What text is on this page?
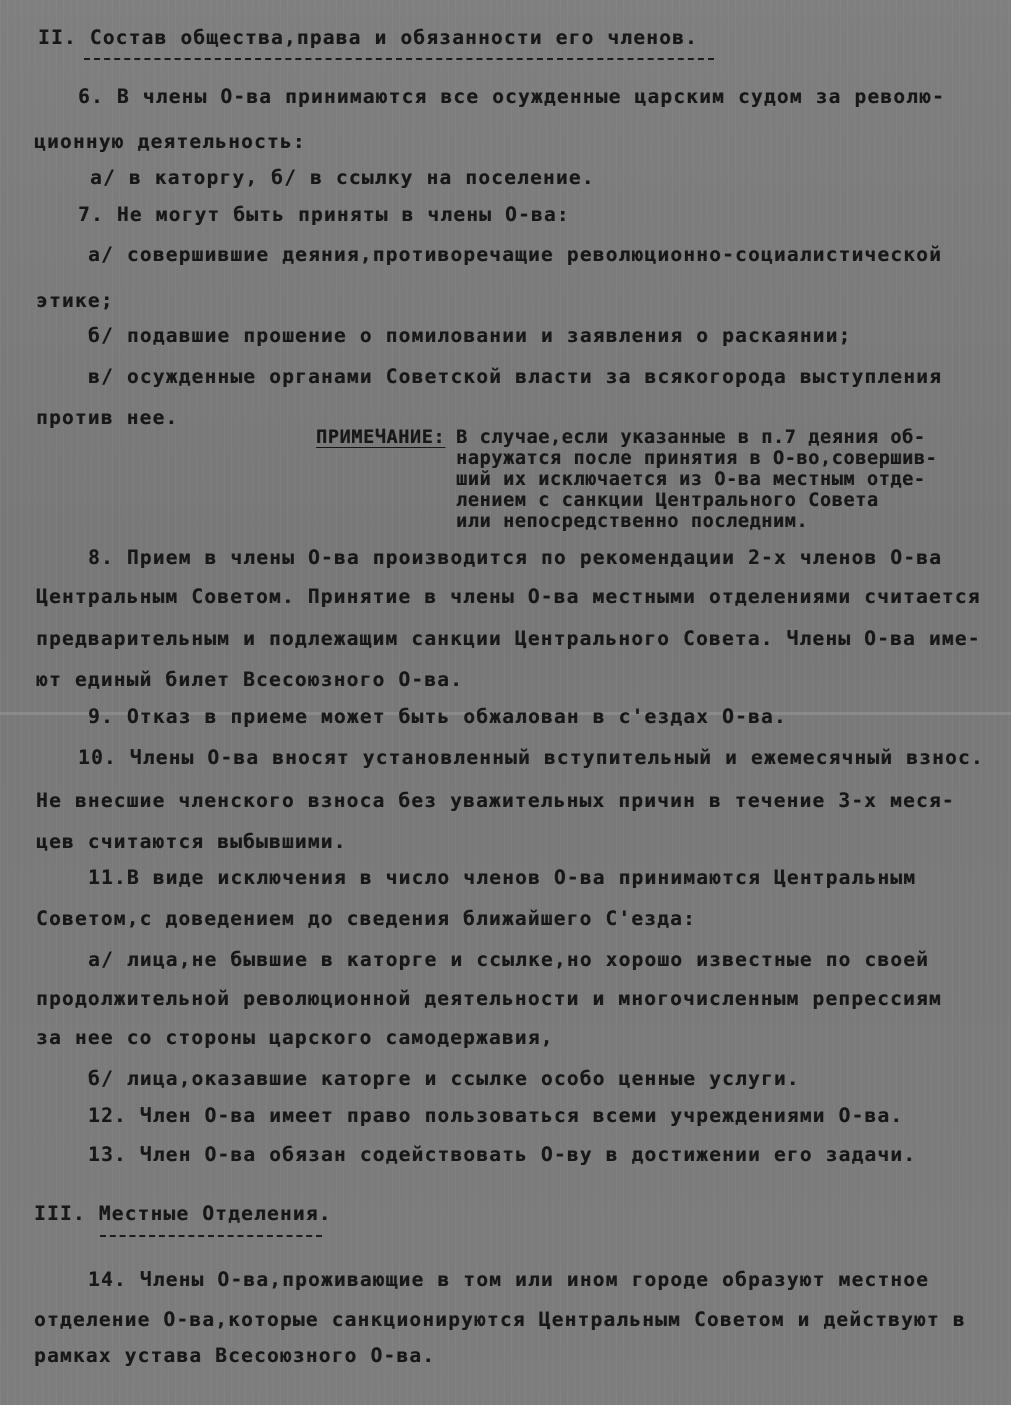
II. Состав общества,права и обязанности его членов.
6. В члены О-ва принимаются все осужденные царским судом за револю-
ционную деятельность:
а/ в каторгу, б/ в ссылку на поселение.
7. Не могут быть приняты в члены О-ва:
а/ совершившие деяния,противоречащие революционно-социалистической
этике;
б/ подавшие прошение о помиловании и заявления о раскаянии;
в/ осужденные органами Советской власти за всякогорода выступления
против нее.
ПРИМЕЧАНИЕ: В случае,если указанные в п.7 деяния об-
наружатся после принятия в О-во,совершив-
ший их исключается из О-ва местным отде-
лением с санкции Центрального Совета
или непосредственно последним.
8. Прием в члены О-ва производится по рекомендации 2-х членов О-ва
Центральным Советом. Принятие в члены О-ва местными отделениями считается
предварительным и подлежащим санкции Центрального Совета. Члены О-ва име-
ют единый билет Всесоюзного О-ва.
9. Отказ в приеме может быть обжалован в с'ездах О-ва.
10. Члены О-ва вносят установленный вступительный и ежемесячный взнос.
Не внесшие членского взноса без уважительных причин в течение 3-х меся-
цев считаются выбывшими.
11.В виде исключения в число членов О-ва принимаются Центральным
Советом,с доведением до сведения ближайшего С'езда:
а/ лица,не бывшие в каторге и ссылке,но хорошо известные по своей
продолжительной революционной деятельности и многочисленным репрессиям
за нее со стороны царского самодержавия,
б/ лица,оказавшие каторге и ссылке особо ценные услуги.
12. Член О-ва имеет право пользоваться всеми учреждениями О-ва.
13. Член О-ва обязан содействовать О-ву в достижении его задачи.
III. Местные Отделения.
14. Члены О-ва,проживающие в том или ином городе образуют местное
отделение О-ва,которые санкционируются Центральным Советом и действуют в
рамках устава Всесоюзного О-ва.
